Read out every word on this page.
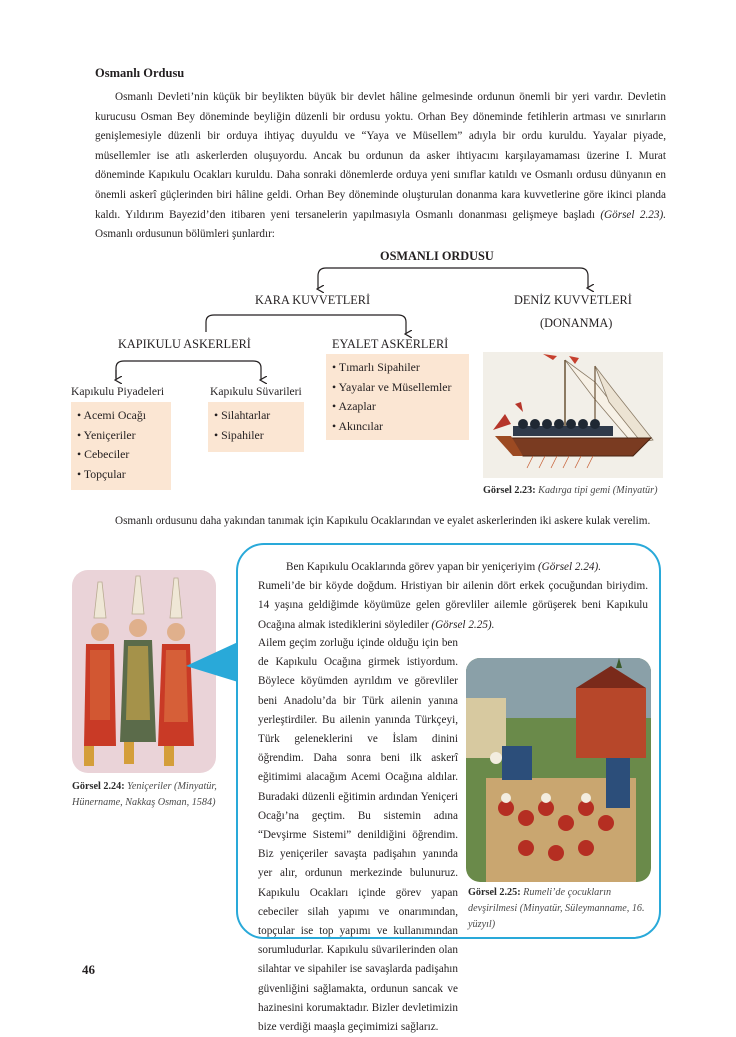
Osmanlı Ordusu

Osmanlı Devleti’nin küçük bir beylikten büyük bir devlet hâline gelmesinde ordunun önemli bir yeri vardır. Devletin kurucusu Osman Bey döneminde beyliğin düzenli bir ordusu yoktu. Orhan Bey döneminde fetihlerin artması ve sınırların genişlemesiyle düzenli bir orduya ihtiyaç duyuldu ve “Yaya ve Müsellem” adıyla bir ordu kuruldu. Yayalar piyade, müsellemler ise atlı askerlerden oluşuyordu. Ancak bu ordunun da asker ihtiyacını karşılayamaması üzerine I. Murat döneminde Kapıkulu Ocakları kuruldu. Daha sonraki dönemlerde orduya yeni sınıflar katıldı ve Osmanlı ordusu dünyanın en önemli askerî güçlerinden biri hâline geldi. Orhan Bey döneminde oluşturulan donanma kara kuvvetlerine göre ikinci planda kaldı. Yıldırım Bayezid’den itibaren yeni tersanelerin yapılmasıyla Osmanlı donanması gelişmeye başladı (Görsel 2.23). Osmanlı ordusunun bölümleri şunlardır:

OSMANLI ORDUSU
KARA KUVVETLERİ	DENİZ KUVVETLERİ
(DONANMA)
KAPIKULU ASKERLERİ	EYALET ASKERLERİ
Kapıkulu Piyadeleri	Kapıkulu Süvarileri
• Acemi Ocağı
• Yeniçeriler
• Cebeciler
• Topçular
• Silahtarlar
• Sipahiler
• Tımarlı Sipahiler
• Yayalar ve Müsellemler
• Azaplar
• Akıncılar
Görsel 2.23: Kadırga tipi gemi (Minyatür)

Osmanlı ordusunu daha yakından tanımak için Kapıkulu Ocaklarından ve eyalet askerlerinden iki askere kulak verelim.

Görsel 2.24: Yeniçeriler (Minyatür, Hünername, Nakkaş Osman, 1584)
Ben Kapıkulu Ocaklarında görev yapan bir yeniçeriyim (Görsel 2.24).
Rumeli’de bir köyde doğdum. Hristiyan bir ailenin dört erkek çocuğundan biriydim. 14 yaşına geldiğimde köyümüze gelen görevliler ailemle görüşerek beni Kapıkulu Ocağına almak istediklerini söylediler (Görsel 2.25).
Ailem geçim zorluğu içinde olduğu için ben de Kapıkulu Ocağına girmek istiyordum. Böylece köyümden ayrıldım ve görevliler beni Anadolu’da bir Türk ailenin yanına yerleştirdiler. Bu ailenin yanında Türkçeyi, Türk geleneklerini ve İslam dinini öğrendim. Daha sonra beni ilk askerî eğitimimi alacağım Acemi Ocağına aldılar. Buradaki düzenli eğitimin ardından Yeniçeri Ocağı’na geçtim. Bu sistemin adına “Devşirme Sistemi” denildiğini öğrendim. Biz yeniçeriler savaşta padişahın yanında yer alır, ordunun merkezinde bulunuruz. Kapıkulu Ocakları içinde görev yapan cebeciler silah yapımı ve onarımından, topçular ise top yapımı ve kullanımından sorumludurlar. Kapıkulu süvarilerinden olan silahtar ve sipahiler ise savaşlarda padişahın güvenliğini sağlamakta, ordunun sancak ve hazinesini korumaktadır. Bizler devletimizin bize verdiği maaşla geçimimizi sağlarız.
Görsel 2.25: Rumeli’de çocukların devşirilmesi (Minyatür, Süleymanname, 16. yüzyıl)
46
